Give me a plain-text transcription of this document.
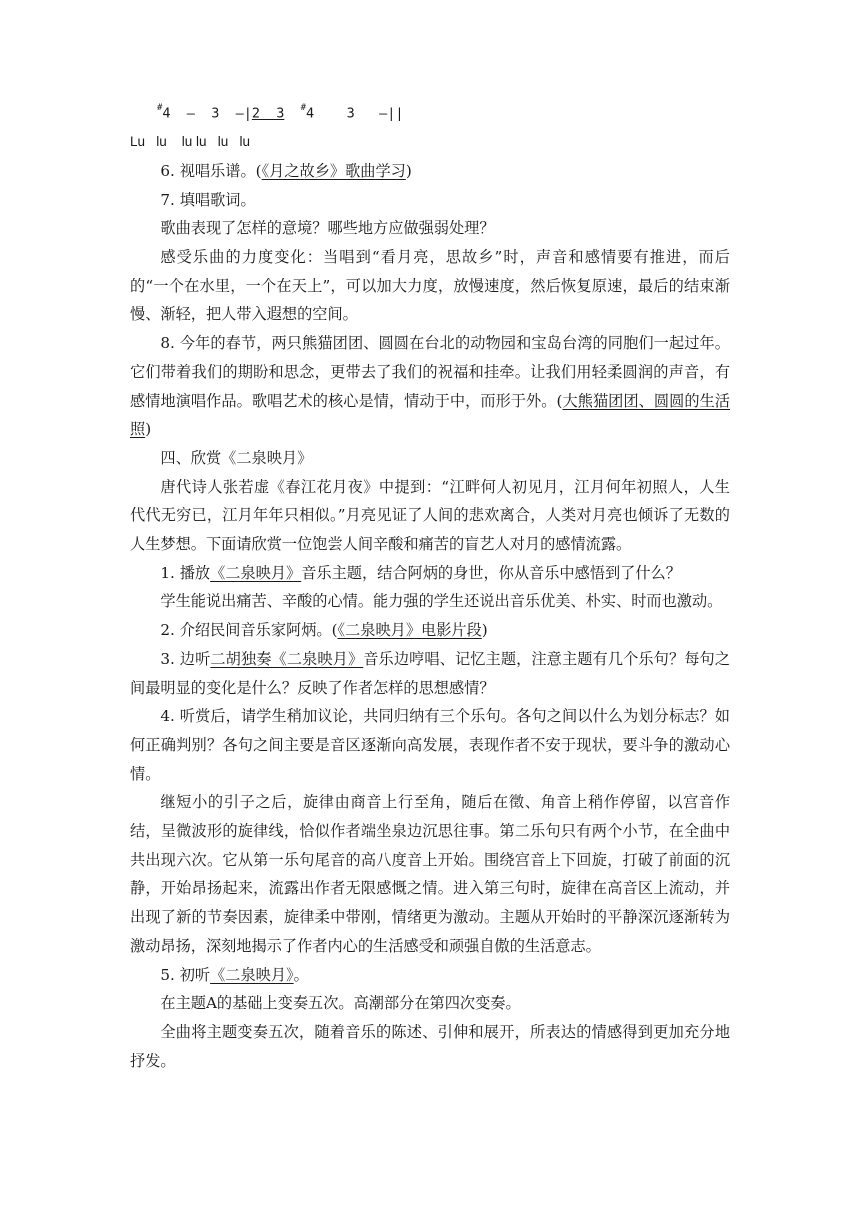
#4  —  3  —|2  3 #4    3   —||

Lu   lu    lu lu   lu   lu

6. 视唱乐谱。(《月之故乡》歌曲学习)

7. 填唱歌词。

歌曲表现了怎样的意境？哪些地方应做强弱处理？

感受乐曲的力度变化：当唱到“看月亮，思故乡”时，声音和感情要有推进，而后的“一个在水里，一个在天上”，可以加大力度，放慢速度，然后恢复原速，最后的结束渐慢、渐轻，把人带入遐想的空间。

8. 今年的春节，两只熊猫团团、圆圆在台北的动物园和宝岛台湾的同胞们一起过年。它们带着我们的期盼和思念，更带去了我们的祝福和挂牵。让我们用轻柔圆润的声音，有感情地演唱作品。歌唱艺术的核心是情，情动于中，而形于外。(大熊猫团团、圆圆的生活照)

四、欣赏《二泉映月》

唐代诗人张若虚《春江花月夜》中提到：“江畔何人初见月，江月何年初照人，人生代代无穷已，江月年年只相似。”月亮见证了人间的悲欢离合，人类对月亮也倾诉了无数的人生梦想。下面请欣赏一位饱尝人间辛酸和痛苦的盲艺人对月的感情流露。

1. 播放《二泉映月》音乐主题，结合阿炳的身世，你从音乐中感悟到了什么？

学生能说出痛苦、辛酸的心情。能力强的学生还说出音乐优美、朴实、时而也激动。

2. 介绍民间音乐家阿炳。(《二泉映月》电影片段)

3. 边听二胡独奏《二泉映月》音乐边哼唱、记忆主题，注意主题有几个乐句？每句之间最明显的变化是什么？反映了作者怎样的思想感情？

4. 听赏后，请学生稍加议论，共同归纳有三个乐句。各句之间以什么为划分标志？如何正确判别？各句之间主要是音区逐渐向高发展，表现作者不安于现状，要斗争的激动心情。

继短小的引子之后，旋律由商音上行至角，随后在徵、角音上稍作停留，以宫音作结，呈微波形的旋律线，恰似作者端坐泉边沉思往事。第二乐句只有两个小节，在全曲中共出现六次。它从第一乐句尾音的高八度音上开始。围绕宫音上下回旋，打破了前面的沉静，开始昂扬起来，流露出作者无限感慨之情。进入第三句时，旋律在高音区上流动，并出现了新的节奏因素，旋律柔中带刚，情绪更为激动。主题从开始时的平静深沉逐渐转为激动昂扬，深刻地揭示了作者内心的生活感受和顽强自傲的生活意志。

5. 初听《二泉映月》。

在主题A的基础上变奏五次。高潮部分在第四次变奏。

全曲将主题变奏五次，随着音乐的陈述、引伸和展开，所表达的情感得到更加充分地抒发。
